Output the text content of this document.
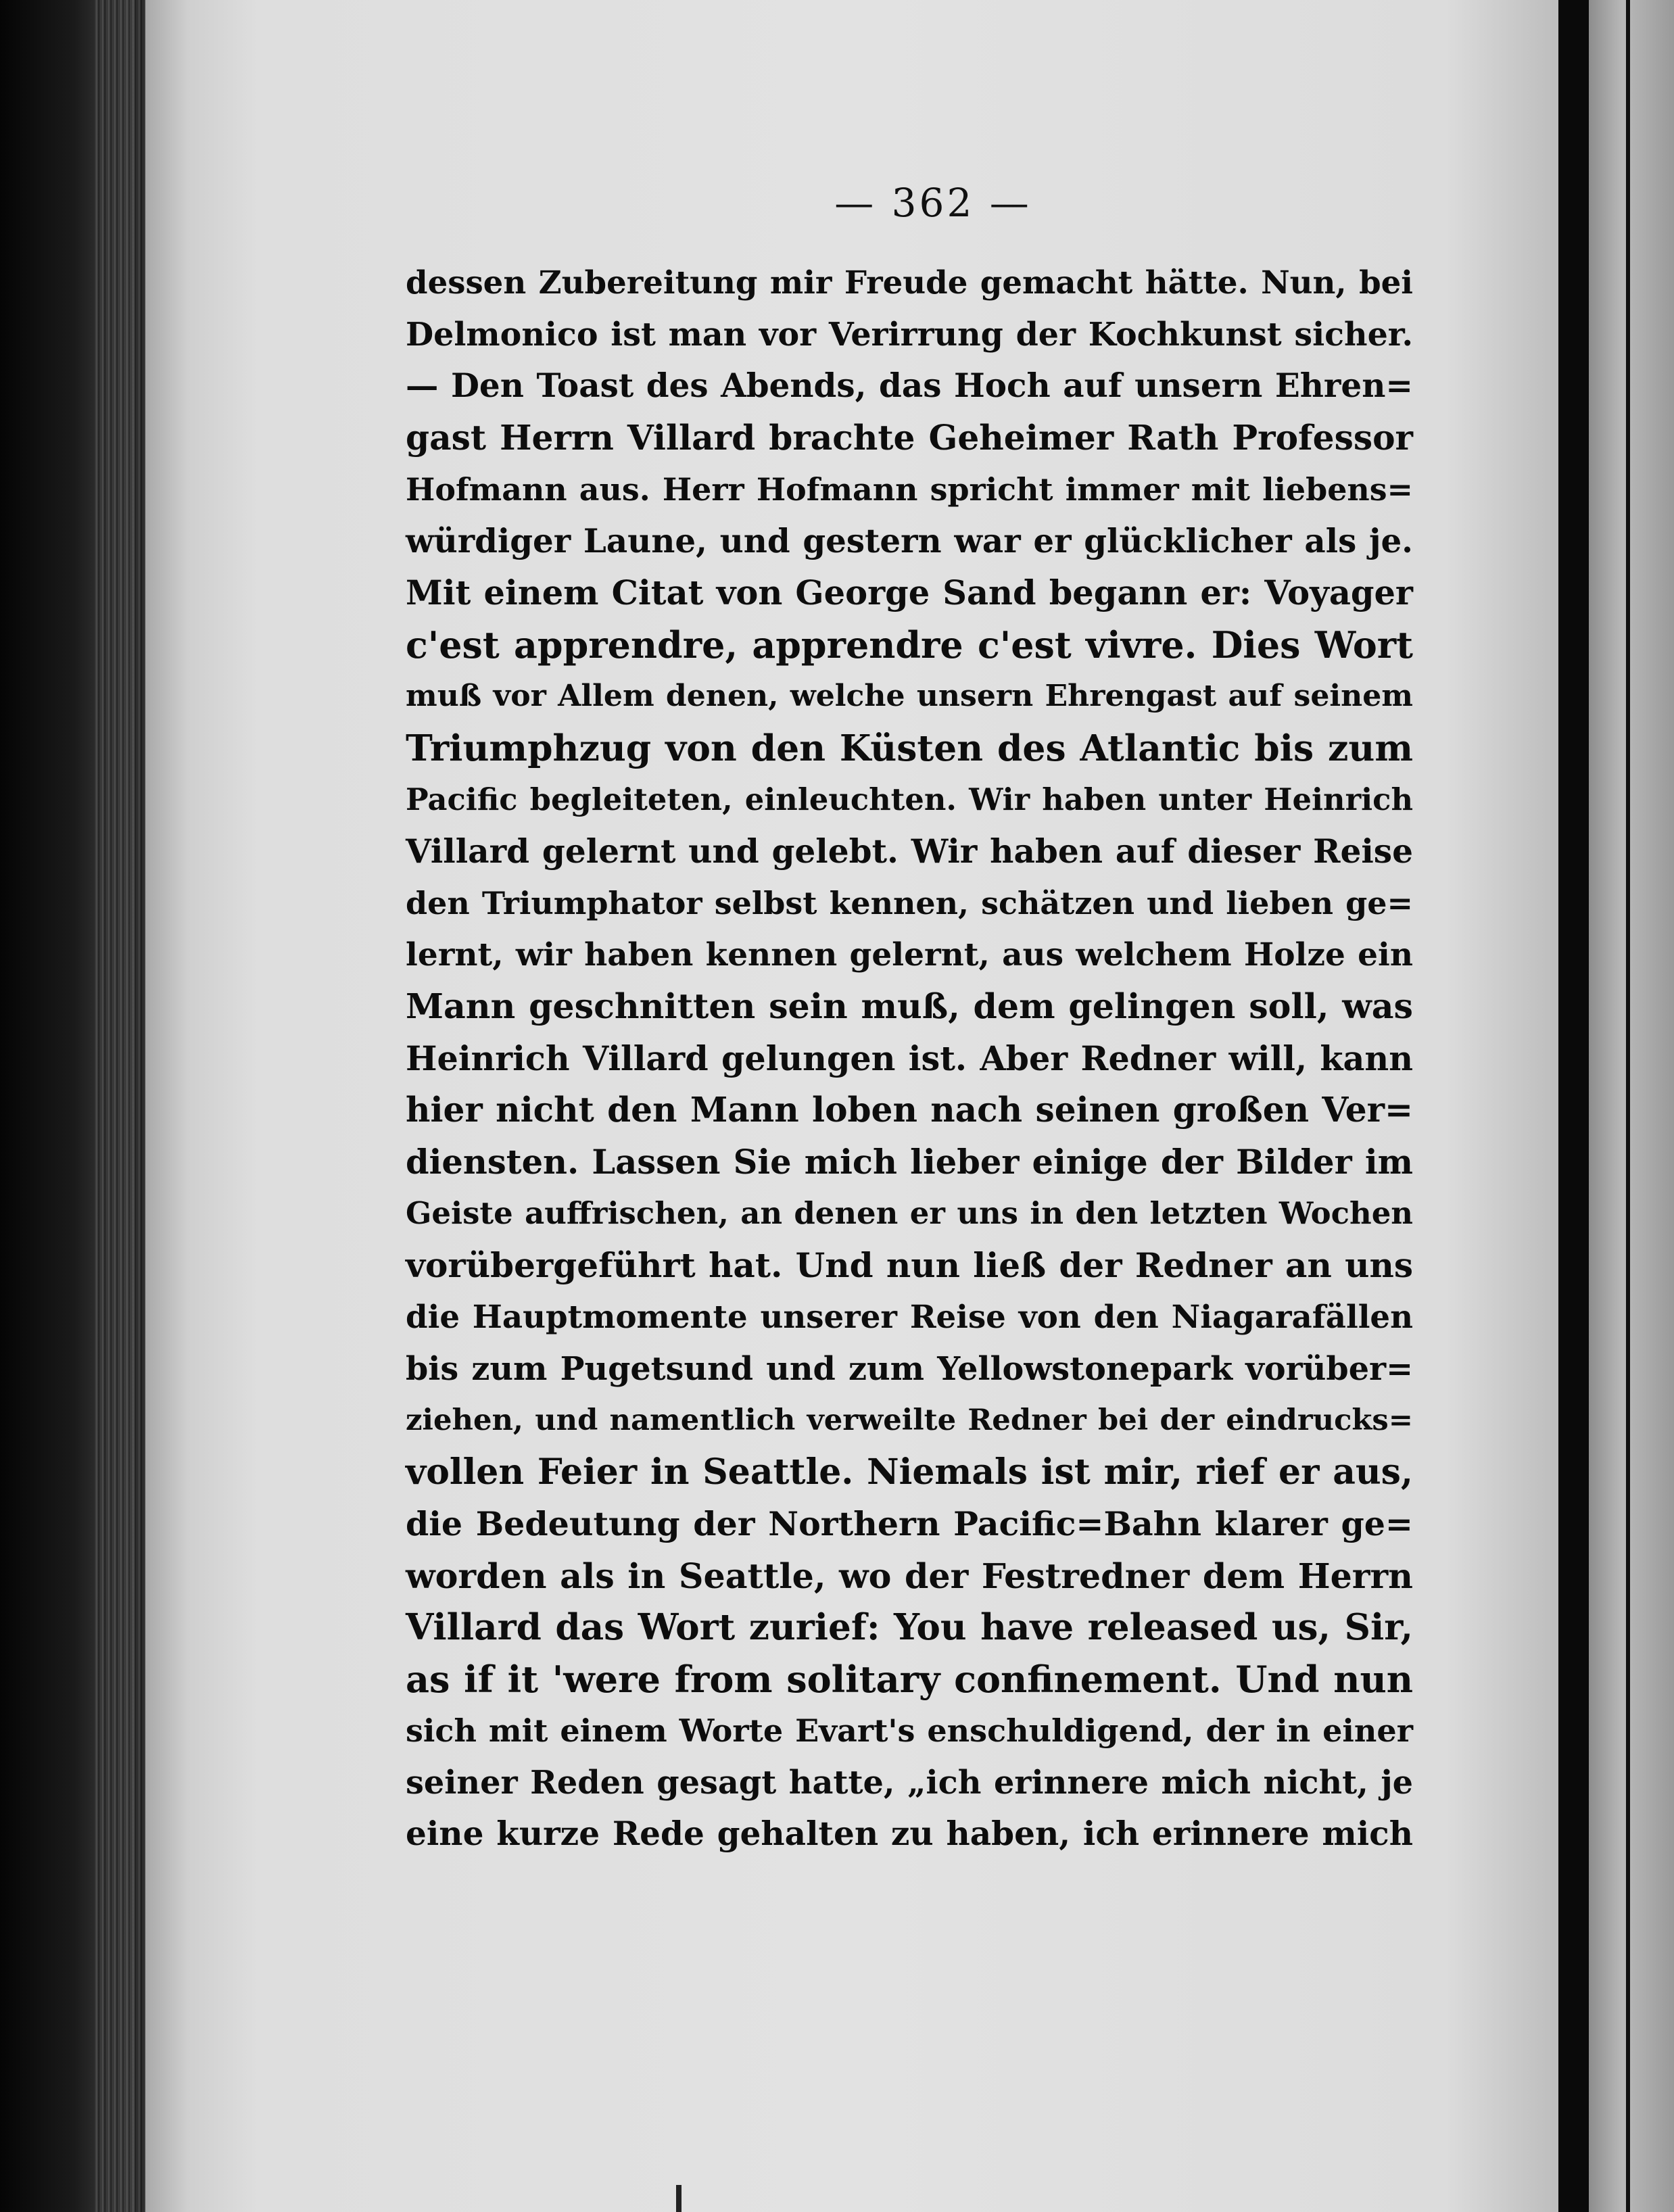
— 362 —
dessen Zubereitung mir Freude gemacht hätte. Nun, bei
Delmonico ist man vor Verirrung der Kochkunst sicher.
— Den Toast des Abends, das Hoch auf unsern Ehren=
gast Herrn Villard brachte Geheimer Rath Professor
Hofmann aus. Herr Hofmann spricht immer mit liebens=
würdiger Laune, und gestern war er glücklicher als je.
Mit einem Citat von George Sand begann er: Voyager
c'est apprendre, apprendre c'est vivre. Dies Wort
muß vor Allem denen, welche unsern Ehrengast auf seinem
Triumphzug von den Küsten des Atlantic bis zum
Pacific begleiteten, einleuchten. Wir haben unter Heinrich
Villard gelernt und gelebt. Wir haben auf dieser Reise
den Triumphator selbst kennen, schätzen und lieben ge=
lernt, wir haben kennen gelernt, aus welchem Holze ein
Mann geschnitten sein muß, dem gelingen soll, was
Heinrich Villard gelungen ist. Aber Redner will, kann
hier nicht den Mann loben nach seinen großen Ver=
diensten. Lassen Sie mich lieber einige der Bilder im
Geiste auffrischen, an denen er uns in den letzten Wochen
vorübergeführt hat. Und nun ließ der Redner an uns
die Hauptmomente unserer Reise von den Niagarafällen
bis zum Pugetsund und zum Yellowstonepark vorüber=
ziehen, und namentlich verweilte Redner bei der eindrucks=
vollen Feier in Seattle. Niemals ist mir, rief er aus,
die Bedeutung der Northern Pacific=Bahn klarer ge=
worden als in Seattle, wo der Festredner dem Herrn
Villard das Wort zurief: You have released us, Sir,
as if it 'were from solitary confinement. Und nun
sich mit einem Worte Evart's enschuldigend, der in einer
seiner Reden gesagt hatte, „ich erinnere mich nicht, je
eine kurze Rede gehalten zu haben, ich erinnere mich
